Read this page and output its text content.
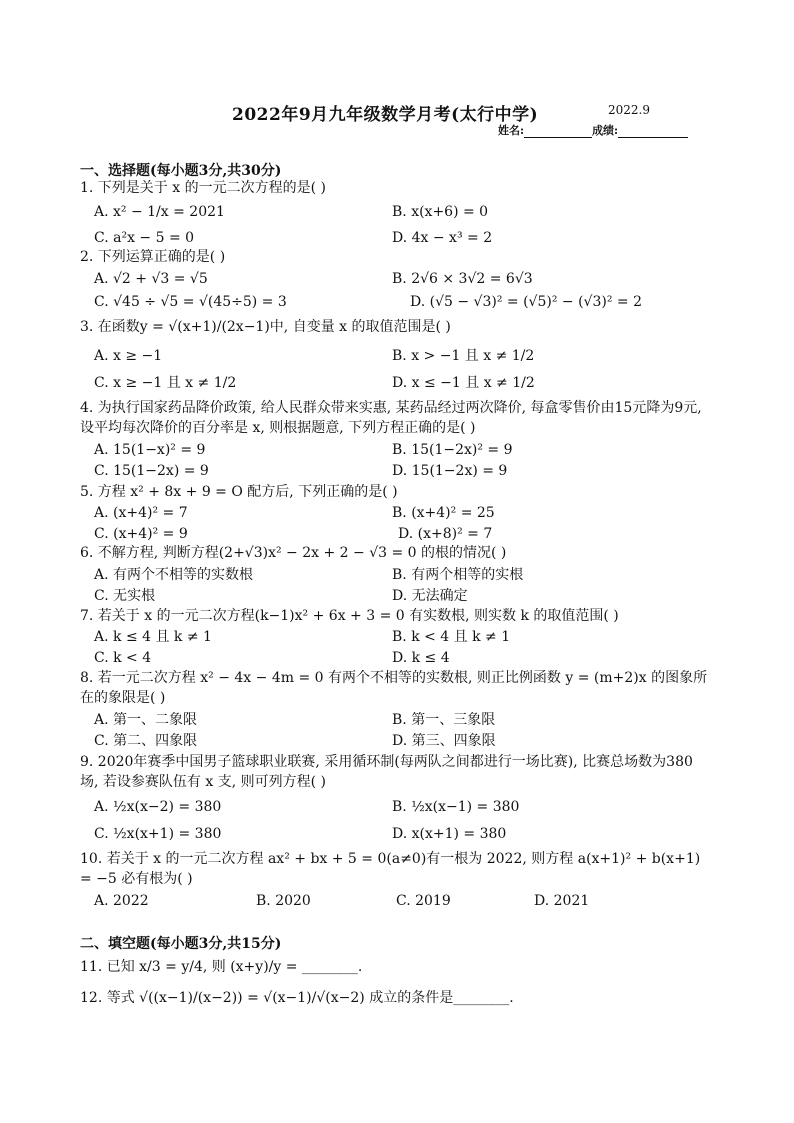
2022年9月九年级数学月考(太行中学)	2022.9
姓名:	成绩:
一、选择题(每小题3分,共30分)
1. 下列是关于 x 的一元二次方程的是( )
A. x² − 1/x = 2021	B. x(x+6) = 0
C. a²x − 5 = 0	D. 4x − x³ = 2
2. 下列运算正确的是( )
A. √2 + √3 = √5	B. 2√6 × 3√2 = 6√3
C. √45 ÷ √5 = √(45÷5) = 3	D. (√5 − √3)² = (√5)² − (√3)² = 2
3. 在函数y = √(x+1)/(2x−1)中, 自变量 x 的取值范围是( )
A. x ≥ −1	B. x > −1 且 x ≠ 1/2
C. x ≥ −1 且 x ≠ 1/2	D. x ≤ −1 且 x ≠ 1/2
4. 为执行国家药品降价政策, 给人民群众带来实惠, 某药品经过两次降价, 每盒零售价由15元降为9元, 设平均每次降价的百分率是 x, 则根据题意, 下列方程正确的是( )
A. 15(1−x)² = 9	B. 15(1−2x)² = 9
C. 15(1−2x) = 9	D. 15(1−2x) = 9
5. 方程 x² + 8x + 9 = O 配方后, 下列正确的是( )
A. (x+4)² = 7	B. (x+4)² = 25
C. (x+4)² = 9	D. (x+8)² = 7
6. 不解方程, 判断方程(2+√3)x² − 2x + 2 − √3 = 0 的根的情况( )
A. 有两个不相等的实数根	B. 有两个相等的实根
C. 无实根	D. 无法确定
7. 若关于 x 的一元二次方程(k−1)x² + 6x + 3 = 0 有实数根, 则实数 k 的取值范围( )
A. k ≤ 4 且 k ≠ 1	B. k < 4 且 k ≠ 1
C. k < 4	D. k ≤ 4
8. 若一元二次方程 x² − 4x − 4m = 0 有两个不相等的实数根, 则正比例函数 y = (m+2)x 的图象所在的象限是( )
A. 第一、二象限	B. 第一、三象限
C. 第二、四象限	D. 第三、四象限
9. 2020年赛季中国男子篮球职业联赛, 采用循环制(每两队之间都进行一场比赛), 比赛总场数为380场, 若设参赛队伍有 x 支, 则可列方程( )
A. ½x(x−2) = 380	B. ½x(x−1) = 380
C. ½x(x+1) = 380	D. x(x+1) = 380
10. 若关于 x 的一元二次方程 ax² + bx + 5 = 0(a≠0)有一根为 2022, 则方程 a(x+1)² + b(x+1) = −5 必有根为( )
A. 2022	B. 2020	C. 2019	D. 2021
二、填空题(每小题3分,共15分)
11. 已知 x/3 = y/4, 则 (x+y)/y = ________.
12. 等式 √((x−1)/(x−2)) = √(x−1)/√(x−2) 成立的条件是________.
